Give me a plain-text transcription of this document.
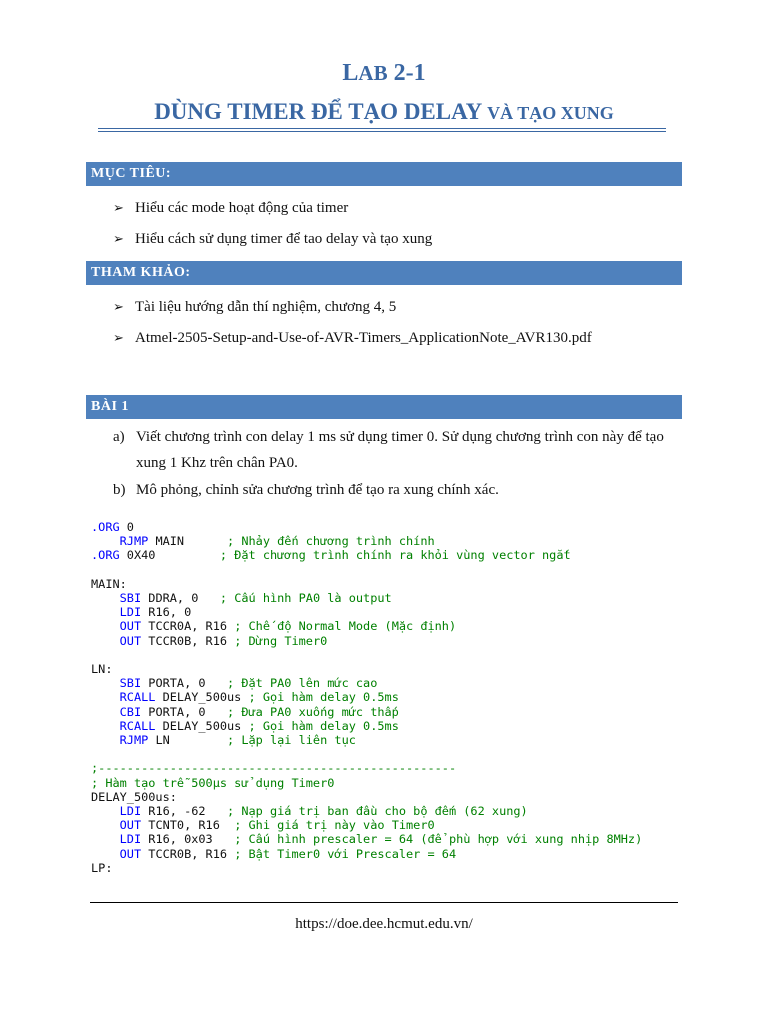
LAB 2-1
DÙNG TIMER ĐỂ TẠO DELAY VÀ TẠO XUNG
MỤC TIÊU:
➢ Hiểu các mode hoạt động của timer
➢ Hiểu cách sử dụng timer để tao delay và tạo xung
THAM KHẢO:
➢ Tài liệu hướng dẫn thí nghiệm, chương 4, 5
➢ Atmel-2505-Setup-and-Use-of-AVR-Timers_ApplicationNote_AVR130.pdf
BÀI 1
a) Viết chương trình con delay 1 ms sử dụng timer 0. Sử dụng chương trình con này để tạo
xung 1 Khz trên chân PA0.
b) Mô phỏng, chỉnh sửa chương trình để tạo ra xung chính xác.
.ORG 0
RJMP MAIN      ; Nhảy đến chương trình chính
.ORG 0X40         ; Đặt chương trình chính ra khỏi vùng vector ngắt

MAIN:
SBI DDRA, 0   ; Cấu hình PA0 là output
LDI R16, 0
OUT TCCR0A, R16 ; Chế độ Normal Mode (Mặc định)
OUT TCCR0B, R16 ; Dừng Timer0

LN:
SBI PORTA, 0   ; Đặt PA0 lên mức cao
RCALL DELAY_500us ; Gọi hàm delay 0.5ms
CBI PORTA, 0   ; Đưa PA0 xuống mức thấp
RCALL DELAY_500us ; Gọi hàm delay 0.5ms
RJMP LN        ; Lặp lại liên tục

;--------------------------------------------------
; Hàm tạo trễ 500µs sử dụng Timer0
DELAY_500us:
LDI R16, -62   ; Nạp giá trị ban đầu cho bộ đếm (62 xung)
OUT TCNT0, R16  ; Ghi giá trị này vào Timer0
LDI R16, 0x03   ; Cấu hình prescaler = 64 (để phù hợp với xung nhịp 8MHz)
OUT TCCR0B, R16 ; Bật Timer0 với Prescaler = 64
LP:
https://doe.dee.hcmut.edu.vn/
